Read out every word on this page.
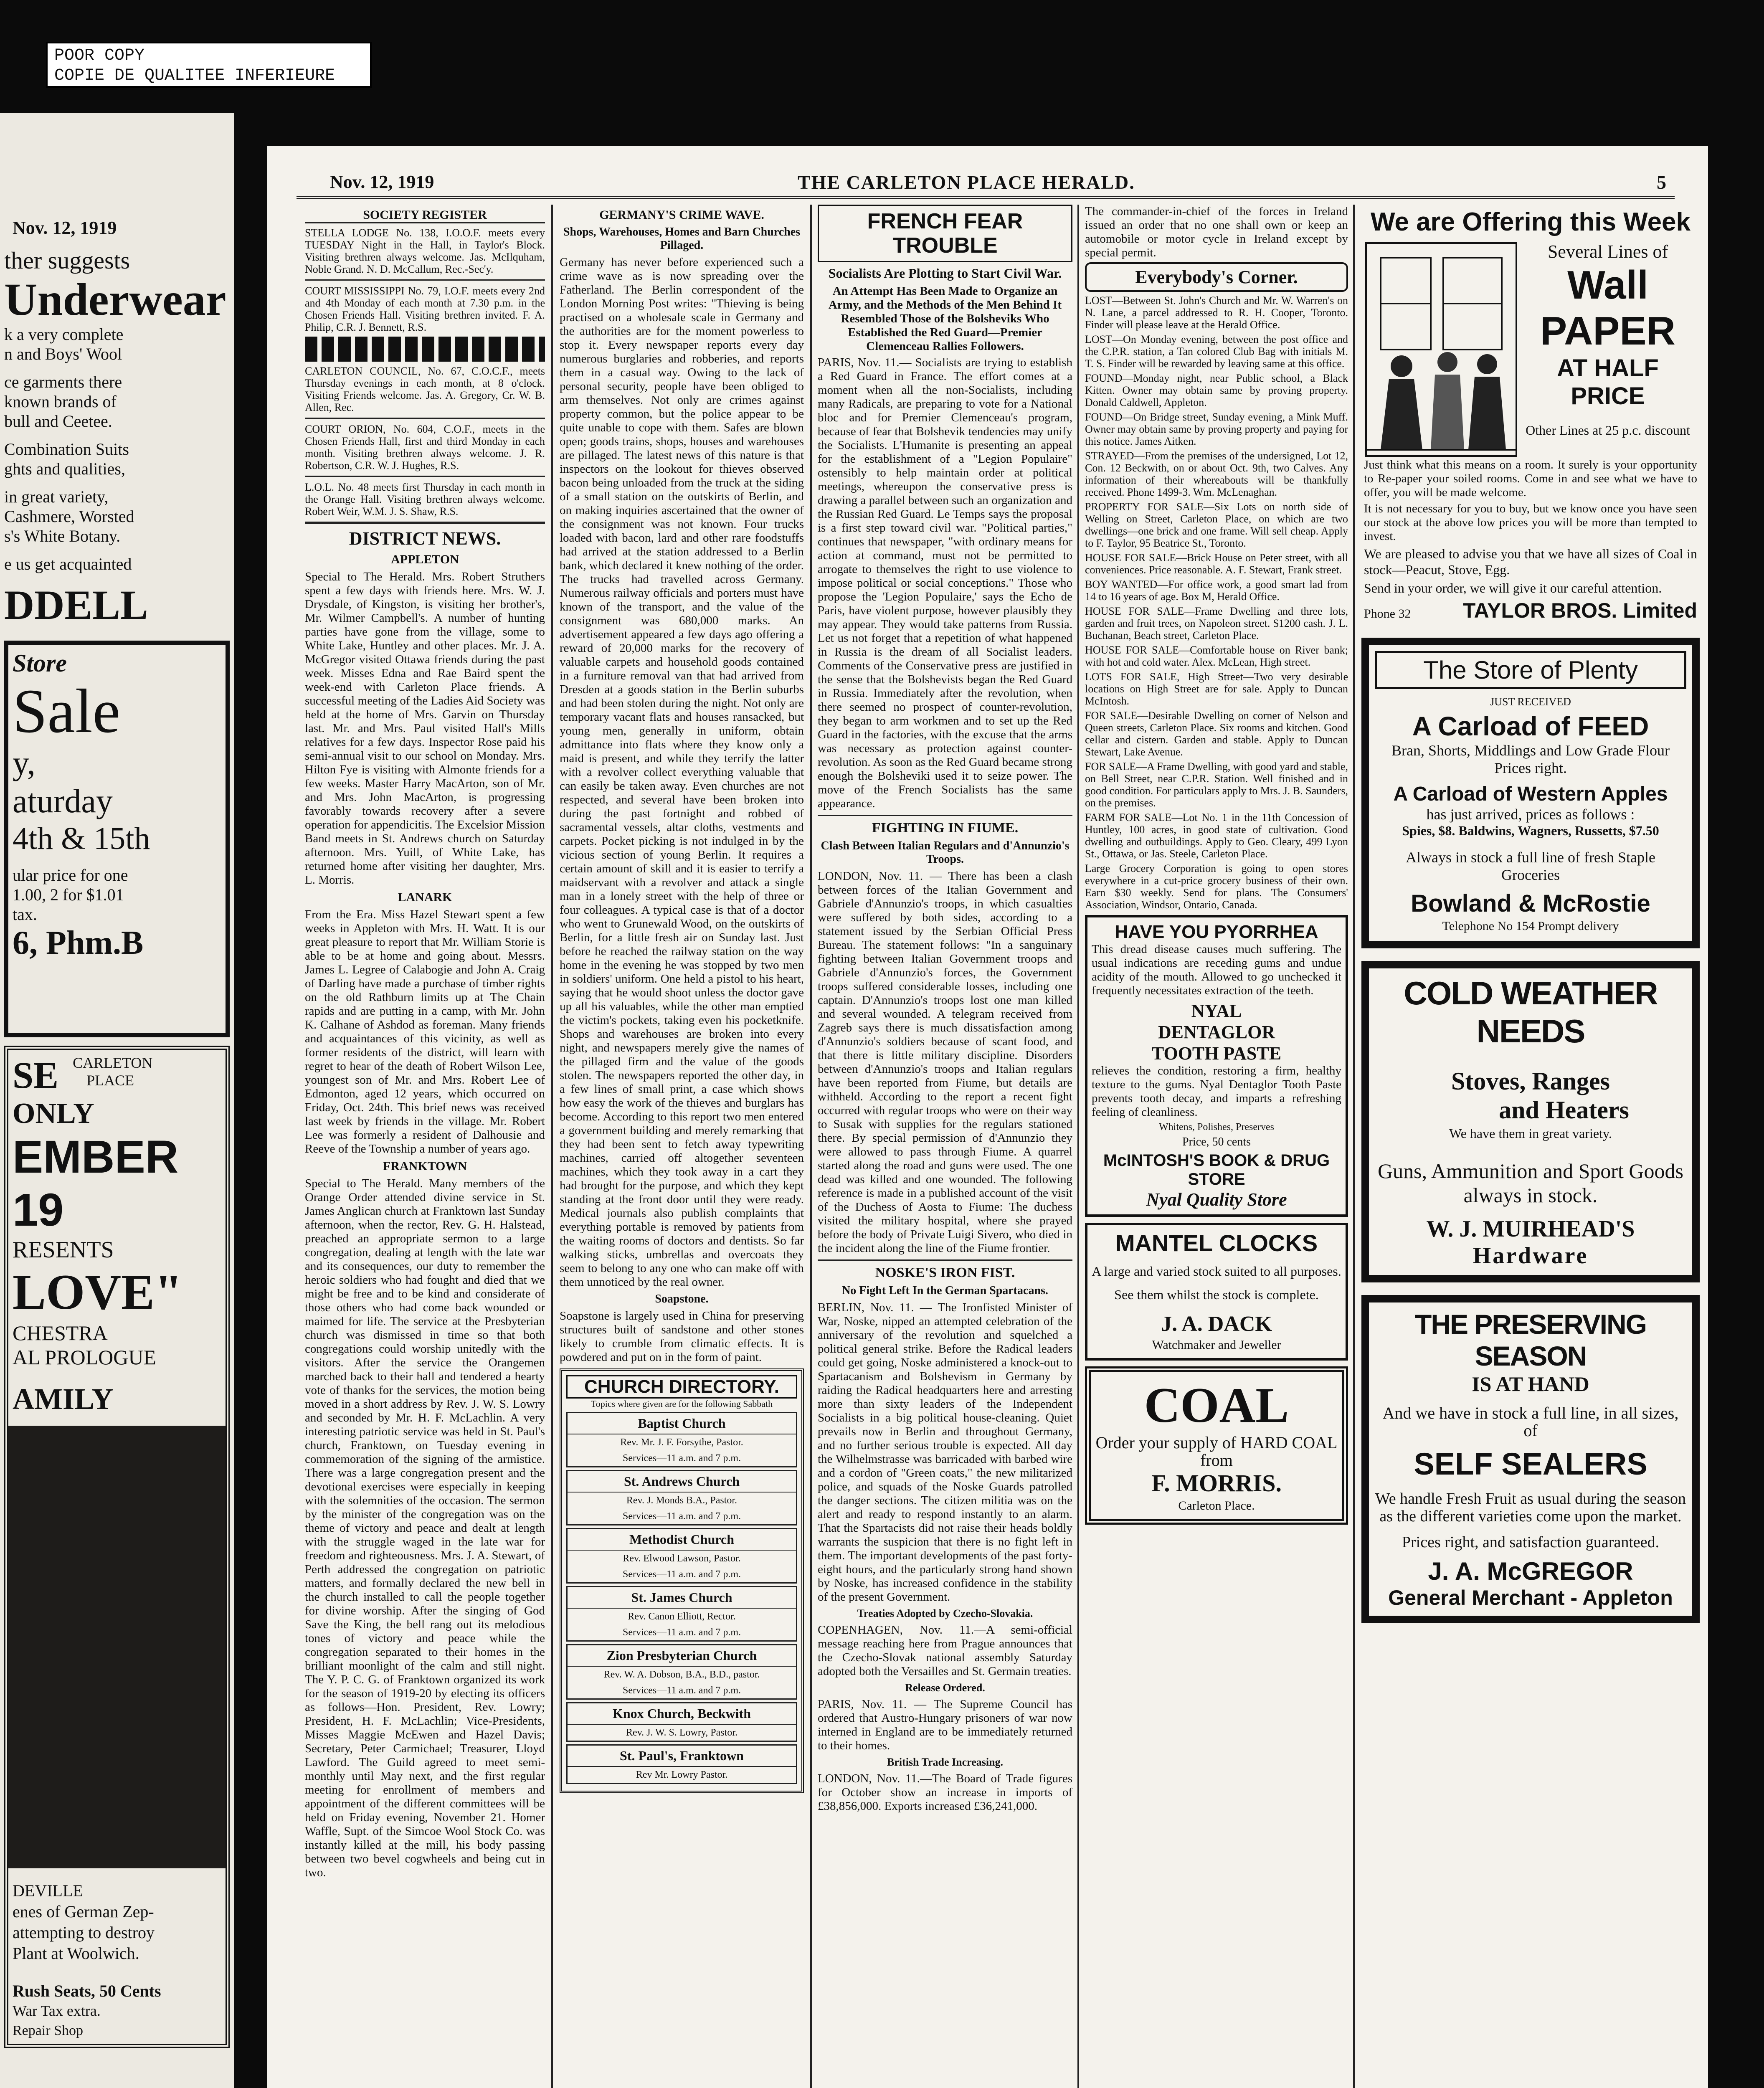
POOR COPY
COPIE DE QUALITEE INFERIEURE
Nov. 12, 1919
ther suggests
Underwear
k a very complete
n and Boys' Wool
ce garments there
known brands of
bull and Ceetee.
Combination Suits
ghts and qualities,
in great variety,
Cashmere, Worsted
s's White Botany.
e us get acquainted
DDELL
Store
Sale
y,
aturday
4th & 15th
ular price for one
1.00, 2 for $1.01
tax.
6, Phm.B
SE CARLETON PLACE
ONLY
EMBER 19
RESENTS
LOVE"
CHESTRA
AL PROLOGUE
AMILY
DEVILLE
enes of German Zep-
attempting to destroy
Plant at Woolwich.
Rush Seats, 50 Cents
War Tax extra.
Repair Shop
Nov. 12, 1919	THE CARLETON PLACE HERALD.	5
SOCIETY REGISTER

STELLA LODGE No. 138, I.O.O.F. meets every TUESDAY Night in the Hall, in Taylor's Block. Visiting brethren always welcome. Jas. McIlquham, Noble Grand. N. D. McCallum, Rec.-Sec'y.

COURT MISSISSIPPI No. 79, I.O.F. meets every 2nd and 4th Monday of each month at 7.30 p.m. in the Chosen Friends Hall. Visiting brethren invited. F. A. Philip, C.R. J. Bennett, R.S.

CARLETON COUNCIL, No. 67, C.O.C.F., meets Thursday evenings in each month, at 8 o'clock. Visiting Friends welcome. Jas. A. Gregory, Cr. W. B. Allen, Rec.

COURT ORION, No. 604, C.O.F., meets in the Chosen Friends Hall, first and third Monday in each month. Visiting brethren always welcome. J. R. Robertson, C.R. W. J. Hughes, R.S.

L.O.L. No. 48 meets first Thursday in each month in the Orange Hall. Visiting brethren always welcome. Robert Weir, W.M. J. S. Shaw, R.S.

DISTRICT NEWS.
APPLETON

Special to The Herald. Mrs. Robert Struthers spent a few days with friends here. Mrs. W. J. Drysdale, of Kingston, is visiting her brother's, Mr. Wilmer Campbell's. A number of hunting parties have gone from the village, some to White Lake, Huntley and other places. Mr. J. A. McGregor visited Ottawa friends during the past week. Misses Edna and Rae Baird spent the week-end with Carleton Place friends. A successful meeting of the Ladies Aid Society was held at the home of Mrs. Garvin on Thursday last. Mr. and Mrs. Paul visited Hall's Mills relatives for a few days. Inspector Rose paid his semi-annual visit to our school on Monday. Mrs. Hilton Fye is visiting with Almonte friends for a few weeks. Master Harry MacArton, son of Mr. and Mrs. John MacArton, is progressing favorably towards recovery after a severe operation for appendicitis. The Excelsior Mission Band meets in St. Andrews church on Saturday afternoon. Mrs. Yuill, of White Lake, has returned home after visiting her daughter, Mrs. L. Morris.

LANARK

From the Era. Miss Hazel Stewart spent a few weeks in Appleton with Mrs. H. Watt. It is our great pleasure to report that Mr. William Storie is able to be at home and going about. Messrs. James L. Legree of Calabogie and John A. Craig of Darling have made a purchase of timber rights on the old Rathburn limits up at The Chain rapids and are putting in a camp, with Mr. John K. Calhane of Ashdod as foreman. Many friends and acquaintances of this vicinity, as well as former residents of the district, will learn with regret to hear of the death of Robert Wilson Lee, youngest son of Mr. and Mrs. Robert Lee of Edmonton, aged 12 years, which occurred on Friday, Oct. 24th. This brief news was received last week by friends in the village. Mr. Robert Lee was formerly a resident of Dalhousie and Reeve of the Township a number of years ago.

FRANKTOWN

Special to The Herald. Many members of the Orange Order attended divine service in St. James Anglican church at Franktown last Sunday afternoon, when the rector, Rev. G. H. Halstead, preached an appropriate sermon to a large congregation, dealing at length with the late war and its consequences, our duty to remember the heroic soldiers who had fought and died that we might be free and to be kind and considerate of those others who had come back wounded or maimed for life. The service at the Presbyterian church was dismissed in time so that both congregations could worship unitedly with the visitors. After the service the Orangemen marched back to their hall and tendered a hearty vote of thanks for the services, the motion being moved in a short address by Rev. J. W. S. Lowry and seconded by Mr. H. F. McLachlin. A very interesting patriotic service was held in St. Paul's church, Franktown, on Tuesday evening in commemoration of the signing of the armistice. There was a large congregation present and the devotional exercises were especially in keeping with the solemnities of the occasion. The sermon by the minister of the congregation was on the theme of victory and peace and dealt at length with the struggle waged in the late war for freedom and righteousness. Mrs. J. A. Stewart, of Perth addressed the congregation on patriotic matters, and formally declared the new bell in the church installed to call the people together for divine worship. After the singing of God Save the King, the bell rang out its melodious tones of victory and peace while the congregation separated to their homes in the brilliant moonlight of the calm and still night. The Y. P. C. G. of Franktown organized its work for the season of 1919-20 by electing its officers as follows—Hon. President, Rev. Lowry; President, H. F. McLachlin; Vice-Presidents, Misses Maggie McEwen and Hazel Davis; Secretary, Peter Carmichael; Treasurer, Lloyd Lawford. The Guild agreed to meet semi-monthly until May next, and the first regular meeting for enrollment of members and appointment of the different committees will be held on Friday evening, November 21. Homer Waffle, Supt. of the Simcoe Wool Stock Co. was instantly killed at the mill, his body passing between two bevel cogwheels and being cut in two.

GERMANY'S CRIME WAVE.
Shops, Warehouses, Homes and Barn Churches Pillaged.

Germany has never before experienced such a crime wave as is now spreading over the Fatherland. The Berlin correspondent of the London Morning Post writes: "Thieving is being practised on a wholesale scale in Germany and the authorities are for the moment powerless to stop it. Every newspaper reports every day numerous burglaries and robberies, and reports them in a casual way. Owing to the lack of personal security, people have been obliged to arm themselves. Not only are crimes against property common, but the police appear to be quite unable to cope with them. Safes are blown open; goods trains, shops, houses and warehouses are pillaged. The latest news of this nature is that inspectors on the lookout for thieves observed bacon being unloaded from the truck at the siding of a small station on the outskirts of Berlin, and on making inquiries ascertained that the owner of the consignment was not known. Four trucks loaded with bacon, lard and other rare foodstuffs had arrived at the station addressed to a Berlin bank, which declared it knew nothing of the order. The trucks had travelled across Germany. Numerous railway officials and porters must have known of the transport, and the value of the consignment was 680,000 marks. An advertisement appeared a few days ago offering a reward of 20,000 marks for the recovery of valuable carpets and household goods contained in a furniture removal van that had arrived from Dresden at a goods station in the Berlin suburbs and had been stolen during the night. Not only are temporary vacant flats and houses ransacked, but young men, generally in uniform, obtain admittance into flats where they know only a maid is present, and while they terrify the latter with a revolver collect everything valuable that can easily be taken away. Even churches are not respected, and several have been broken into during the past fortnight and robbed of sacramental vessels, altar cloths, vestments and carpets. Pocket picking is not indulged in by the vicious section of young Berlin. It requires a certain amount of skill and it is easier to terrify a maidservant with a revolver and attack a single man in a lonely street with the help of three or four colleagues. A typical case is that of a doctor who went to Grunewald Wood, on the outskirts of Berlin, for a little fresh air on Sunday last. Just before he reached the railway station on the way home in the evening he was stopped by two men in soldiers' uniform. One held a pistol to his heart, saying that he would shoot unless the doctor gave up all his valuables, while the other man emptied the victim's pockets, taking even his pocketknife. Shops and warehouses are broken into every night, and newspapers merely give the names of the pillaged firm and the value of the goods stolen. The newspapers reported the other day, in a few lines of small print, a case which shows how easy the work of the thieves and burglars has become. According to this report two men entered a government building and merely remarking that they had been sent to fetch away typewriting machines, carried off altogether seventeen machines, which they took away in a cart they had brought for the purpose, and which they kept standing at the front door until they were ready. Medical journals also publish complaints that everything portable is removed by patients from the waiting rooms of doctors and dentists. So far walking sticks, umbrellas and overcoats they seem to belong to any one who can make off with them unnoticed by the real owner.

Soapstone.

Soapstone is largely used in China for preserving structures built of sandstone and other stones likely to crumble from climatic effects. It is powdered and put on in the form of paint.

CHURCH DIRECTORY.
Topics where given are for the following Sabbath
Baptist Church
Rev. Mr. J. F. Forsythe, Pastor.
Services—11 a.m. and 7 p.m.
St. Andrews Church
Rev. J. Monds B.A., Pastor.
Services—11 a.m. and 7 p.m.
Methodist Church
Rev. Elwood Lawson, Pastor.
Services—11 a.m. and 7 p.m.
St. James Church
Rev. Canon Elliott, Rector.
Services—11 a.m. and 7 p.m.
Zion Presbyterian Church
Rev. W. A. Dobson, B.A., B.D., pastor.
Services—11 a.m. and 7 p.m.
Knox Church, Beckwith
Rev. J. W. S. Lowry, Pastor.
St. Paul's, Franktown
Rev Mr. Lowry Pastor.
FRENCH FEAR TROUBLE
Socialists Are Plotting to Start Civil War.

An Attempt Has Been Made to Organize an Army, and the Methods of the Men Behind It Resembled Those of the Bolsheviks Who Established the Red Guard—Premier Clemenceau Rallies Followers.

PARIS, Nov. 11.— Socialists are trying to establish a Red Guard in France. The effort comes at a moment when all the non-Socialists, including many Radicals, are preparing to vote for a National bloc and for Premier Clemenceau's program, because of fear that Bolshevik tendencies may unify the Socialists. L'Humanite is presenting an appeal for the establishment of a "Legion Populaire" ostensibly to help maintain order at political meetings, whereupon the conservative press is drawing a parallel between such an organization and the Russian Red Guard. Le Temps says the proposal is a first step toward civil war. "Political parties," continues that newspaper, "with ordinary means for action at command, must not be permitted to arrogate to themselves the right to use violence to impose political or social conceptions." Those who propose the 'Legion Populaire,' says the Echo de Paris, have violent purpose, however plausibly they may appear. They would take patterns from Russia. Let us not forget that a repetition of what happened in Russia is the dream of all Socialist leaders. Comments of the Conservative press are justified in the sense that the Bolshevists began the Red Guard in Russia. Immediately after the revolution, when there seemed no prospect of counter-revolution, they began to arm workmen and to set up the Red Guard in the factories, with the excuse that the arms was necessary as protection against counter-revolution. As soon as the Red Guard became strong enough the Bolsheviki used it to seize power. The move of the French Socialists has the same appearance.

FIGHTING IN FIUME.
Clash Between Italian Regulars and d'Annunzio's Troops.

LONDON, Nov. 11. — There has been a clash between forces of the Italian Government and Gabriele d'Annunzio's troops, in which casualties were suffered by both sides, according to a statement issued by the Serbian Official Press Bureau. The statement follows: "In a sanguinary fighting between Italian Government troops and Gabriele d'Annunzio's forces, the Government troops suffered considerable losses, including one captain. D'Annunzio's troops lost one man killed and several wounded. A telegram received from Zagreb says there is much dissatisfaction among d'Annunzio's soldiers because of scant food, and that there is little military discipline. Disorders between d'Annunzio's troops and Italian regulars have been reported from Fiume, but details are withheld. According to the report a recent fight occurred with regular troops who were on their way to Susak with supplies for the regulars stationed there. By special permission of d'Annunzio they were allowed to pass through Fiume. A quarrel started along the road and guns were used. The one dead was killed and one wounded. The following reference is made in a published account of the visit of the Duchess of Aosta to Fiume: The duchess visited the military hospital, where she prayed before the body of Private Luigi Sivero, who died in the incident along the line of the Fiume frontier.

NOSKE'S IRON FIST.
No Fight Left In the German Spartacans.

BERLIN, Nov. 11. — The Ironfisted Minister of War, Noske, nipped an attempted celebration of the anniversary of the revolution and squelched a political general strike. Before the Radical leaders could get going, Noske administered a knock-out to Spartacanism and Bolshevism in Germany by raiding the Radical headquarters here and arresting more than sixty leaders of the Independent Socialists in a big political house-cleaning. Quiet prevails now in Berlin and throughout Germany, and no further serious trouble is expected. All day the Wilhelmstrasse was barricaded with barbed wire and a cordon of "Green coats," the new militarized police, and squads of the Noske Guards patrolled the danger sections. The citizen militia was on the alert and ready to respond instantly to an alarm. That the Spartacists did not raise their heads boldly warrants the suspicion that there is no fight left in them. The important developments of the past forty-eight hours, and the particularly strong hand shown by Noske, has increased confidence in the stability of the present Government.

Treaties Adopted by Czecho-Slovakia.

COPENHAGEN, Nov. 11.—A semi-official message reaching here from Prague announces that the Czecho-Slovak national assembly Saturday adopted both the Versailles and St. Germain treaties.

Release Ordered.

PARIS, Nov. 11. — The Supreme Council has ordered that Austro-Hungary prisoners of war now interned in England are to be immediately returned to their homes.

British Trade Increasing.

LONDON, Nov. 11.—The Board of Trade figures for October show an increase in imports of £38,856,000. Exports increased £36,241,000.

The commander-in-chief of the forces in Ireland issued an order that no one shall own or keep an automobile or motor cycle in Ireland except by special permit.

Everybody's Corner.

LOST—Between St. John's Church and Mr. W. Warren's on N. Lane, a parcel addressed to R. H. Cooper, Toronto. Finder will please leave at the Herald Office.

LOST—On Monday evening, between the post office and the C.P.R. station, a Tan colored Club Bag with initials M. T. S. Finder will be rewarded by leaving same at this office.

FOUND—Monday night, near Public school, a Black Kitten. Owner may obtain same by proving property. Donald Caldwell, Appleton.

FOUND—On Bridge street, Sunday evening, a Mink Muff. Owner may obtain same by proving property and paying for this notice. James Aitken.

STRAYED—From the premises of the undersigned, Lot 12, Con. 12 Beckwith, on or about Oct. 9th, two Calves. Any information of their whereabouts will be thankfully received. Phone 1499-3. Wm. McLenaghan.

PROPERTY FOR SALE—Six Lots on north side of Welling on Street, Carleton Place, on which are two dwellings—one brick and one frame. Will sell cheap. Apply to F. Taylor, 95 Beatrice St., Toronto.

HOUSE FOR SALE—Brick House on Peter street, with all conveniences. Price reasonable. A. F. Stewart, Frank street.

BOY WANTED—For office work, a good smart lad from 14 to 16 years of age. Box M, Herald Office.

HOUSE FOR SALE—Frame Dwelling and three lots, garden and fruit trees, on Napoleon street. $1200 cash. J. L. Buchanan, Beach street, Carleton Place.

HOUSE FOR SALE—Comfortable house on River bank; with hot and cold water. Alex. McLean, High street.

LOTS FOR SALE, High Street—Two very desirable locations on High Street are for sale. Apply to Duncan McIntosh.

FOR SALE—Desirable Dwelling on corner of Nelson and Queen streets, Carleton Place. Six rooms and kitchen. Good cellar and cistern. Garden and stable. Apply to Duncan Stewart, Lake Avenue.

FOR SALE—A Frame Dwelling, with good yard and stable, on Bell Street, near C.P.R. Station. Well finished and in good condition. For particulars apply to Mrs. J. B. Saunders, on the premises.

FARM FOR SALE—Lot No. 1 in the 11th Concession of Huntley, 100 acres, in good state of cultivation. Good dwelling and outbuildings. Apply to Geo. Cleary, 499 Lyon St., Ottawa, or Jas. Steele, Carleton Place.

Large Grocery Corporation is going to open stores everywhere in a cut-price grocery business of their own. Earn $30 weekly. Send for plans. The Consumers' Association, Windsor, Ontario, Canada.

HAVE YOU PYORRHEA

This dread disease causes much suffering. The usual indications are receding gums and undue acidity of the mouth. Allowed to go unchecked it frequently necessitates extraction of the teeth.

NYAL DENTAGLOR TOOTH PASTE

relieves the condition, restoring a firm, healthy texture to the gums. Nyal Dentaglor Tooth Paste prevents tooth decay, and imparts a refreshing feeling of cleanliness.

Whitens, Polishes, Preserves
Price, 50 cents
McINTOSH'S BOOK & DRUG STORE
Nyal Quality Store
MANTEL CLOCKS
A large and varied stock suited to all purposes.
See them whilst the stock is complete.
J. A. DACK
Watchmaker and Jeweller
COAL
Order your supply of HARD COAL from
F. MORRIS.
Carleton Place.
We are Offering this Week
Several Lines of
Wall PAPER
AT HALF PRICE
Other Lines at 25 p.c. discount

Just think what this means on a room. It surely is your opportunity to Re-paper your soiled rooms. Come in and see what we have to offer, you will be made welcome.

It is not necessary for you to buy, but we know once you have seen our stock at the above low prices you will be more than tempted to invest.

We are pleased to advise you that we have all sizes of Coal in stock—Peacut, Stove, Egg.

Send in your order, we will give it our careful attention.

Phone 32 TAYLOR BROS. Limited
The Store of Plenty
JUST RECEIVED
A Carload of FEED
Bran, Shorts, Middlings and Low Grade Flour Prices right.
A Carload of Western Apples
has just arrived, prices as follows :
Spies, $8. Baldwins, Wagners, Russetts, $7.50
Always in stock a full line of fresh Staple Groceries
Bowland & McRostie
Telephone No 154 Prompt delivery
COLD WEATHER NEEDS
Stoves, Ranges
and Heaters
We have them in great variety.
Guns, Ammunition and Sport Goods always in stock.
W. J. MUIRHEAD'S
Hardware
THE PRESERVING SEASON
IS AT HAND
And we have in stock a full line, in all sizes, of
SELF SEALERS
We handle Fresh Fruit as usual during the season as the different varieties come upon the market.
Prices right, and satisfaction guaranteed.
J. A. McGREGOR
General Merchant - Appleton
